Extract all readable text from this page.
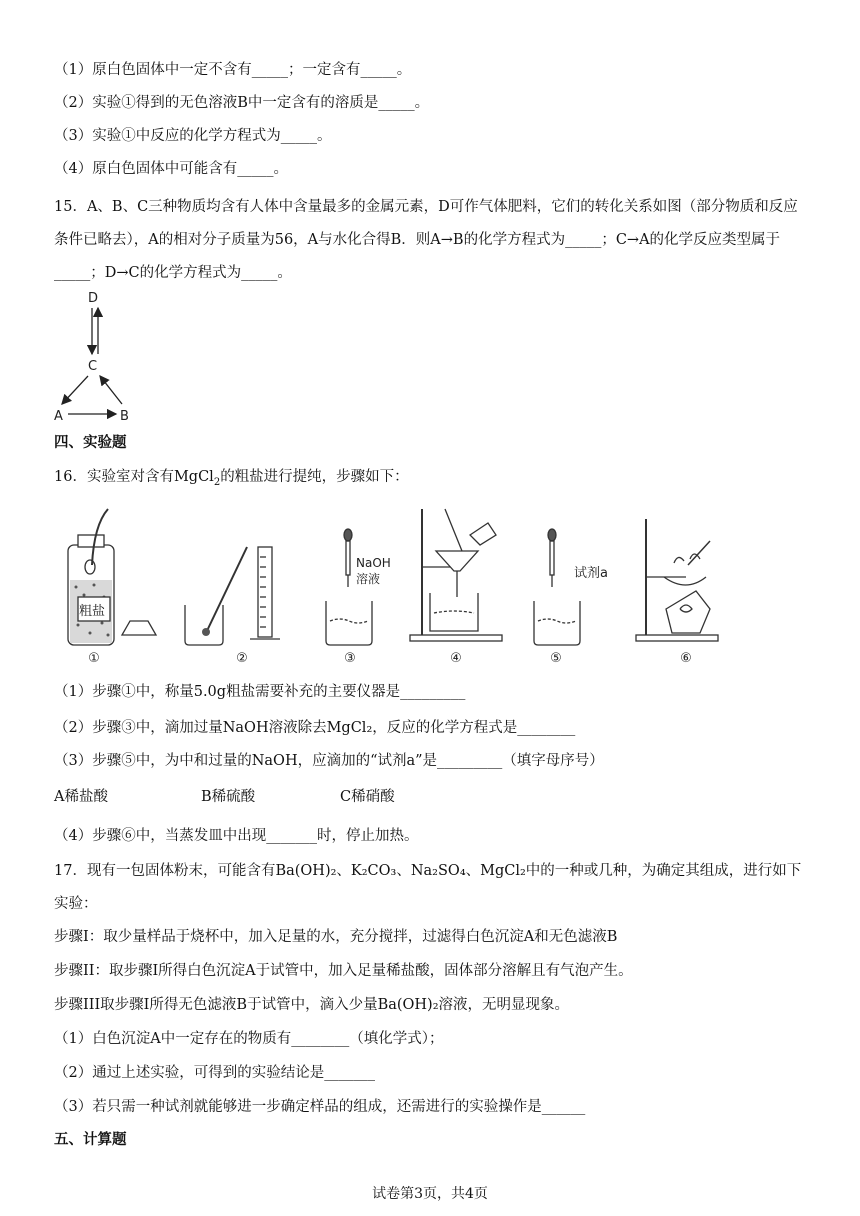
（1）原白色固体中一定不含有_____；一定含有_____。
（2）实验①得到的无色溶液B中一定含有的溶质是_____。
（3）实验①中反应的化学方程式为_____。
（4）原白色固体中可能含有_____。
15．A、B、C三种物质均含有人体中含量最多的金属元素，D可作气体肥料，它们的转化关系如图（部分物质和反应条件已略去），A的相对分子质量为56，A与水化合得B．则A→B的化学方程式为_____；C→A的化学反应类型属于_____；D→C的化学方程式为_____。
D
C
A	B
四、实验题
16．实验室对含有MgCl$_2$的粗盐进行提纯，步骤如下：
粗盐
NaOH
溶液	试剂a
①	②	③	④	⑤	⑥
（1）步骤①中，称量5.0g粗盐需要补充的主要仪器是_________
（2）步骤③中，滴加过量NaOH溶液除去MgCl₂，反应的化学方程式是________
（3）步骤⑤中，为中和过量的NaOH，应滴加的“试剂a”是_________（填字母序号）
A稀盐酸	B稀硫酸	C稀硝酸
（4）步骤⑥中，当蒸发皿中出现_______时，停止加热。
17．现有一包固体粉末，可能含有Ba(OH)₂、K₂CO₃、Na₂SO₄、MgCl₂中的一种或几种，为确定其组成，进行如下实验：
步骤I：取少量样品于烧杯中，加入足量的水，充分搅拌，过滤得白色沉淀A和无色滤液B
步骤II：取步骤I所得白色沉淀A于试管中，加入足量稀盐酸，固体部分溶解且有气泡产生。
步骤III取步骤I所得无色滤液B于试管中，滴入少量Ba(OH)₂溶液，无明显现象。
（1）白色沉淀A中一定存在的物质有________（填化学式）；
（2）通过上述实验，可得到的实验结论是_______
（3）若只需一种试剂就能够进一步确定样品的组成，还需进行的实验操作是______
五、计算题
试卷第3页，共4页
